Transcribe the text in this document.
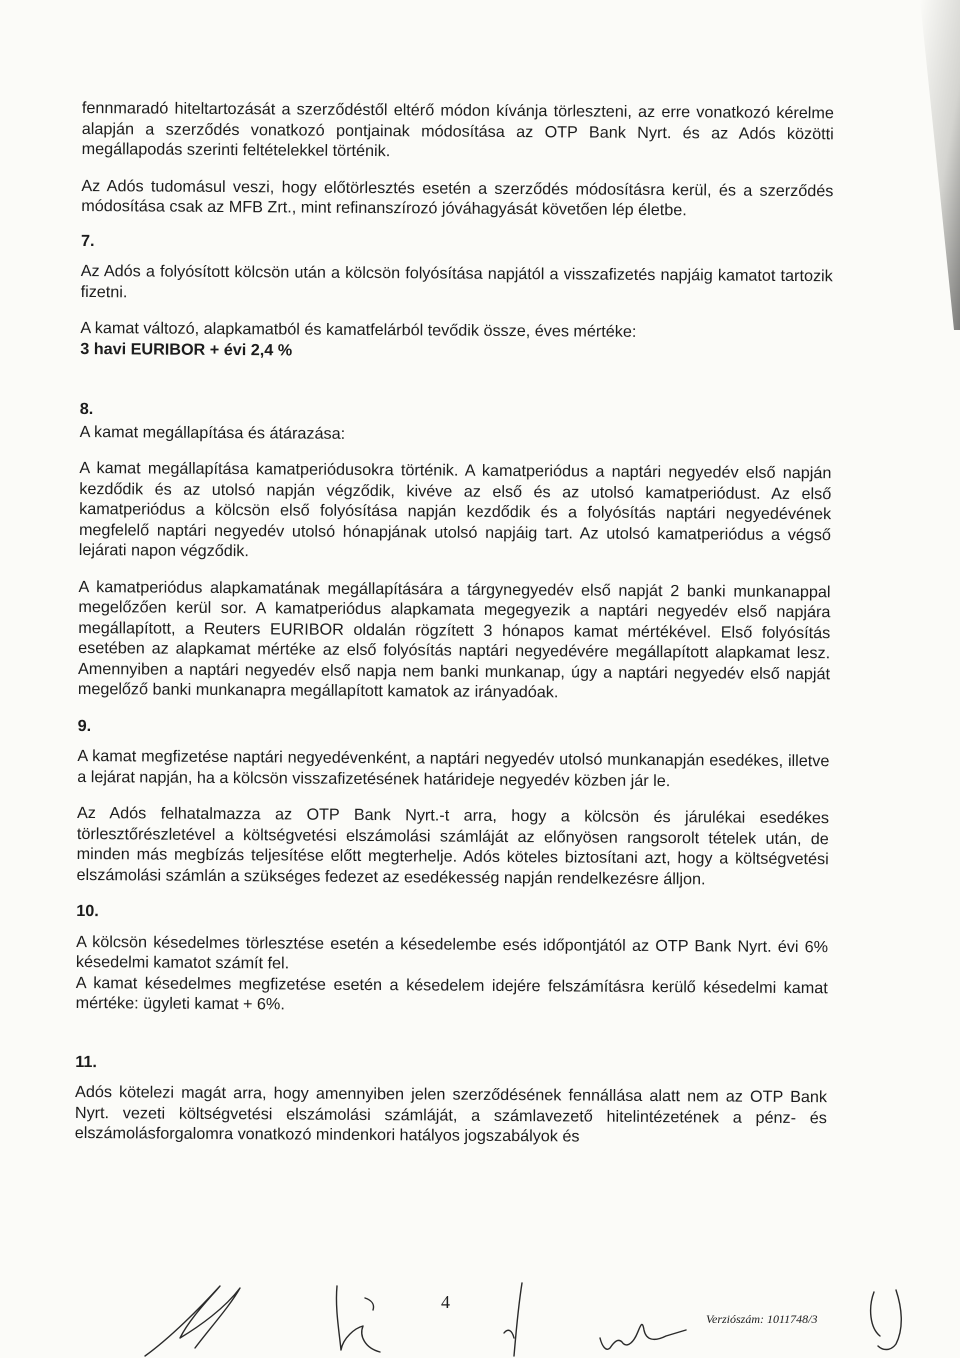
fennmaradó hiteltartozását a szerződéstől eltérő módon kívánja törleszteni, az erre vonatkozó kérelme alapján a szerződés vonatkozó pontjainak módosítása az OTP Bank Nyrt. és az Adós közötti megállapodás szerinti feltételekkel történik.

Az Adós tudomásul veszi, hogy előtörlesztés esetén a szerződés módosításra kerül, és a szerződés módosítása csak az MFB Zrt., mint refinanszírozó jóváhagyását követően lép életbe.

7.

Az Adós a folyósított kölcsön után a kölcsön folyósítása napjától a visszafizetés napjáig kamatot tartozik fizetni.

A kamat változó, alapkamatból és kamatfelárból tevődik össze, éves mértéke:

3 havi EURIBOR + évi 2,4 %
8.

A kamat megállapítása és átárazása:

A kamat megállapítása kamatperiódusokra történik. A kamatperiódus a naptári negyedév első napján kezdődik és az utolsó napján végződik, kivéve az első és az utolsó kamatperiódust. Az első kamatperiódus a kölcsön első folyósítása napján kezdődik és a folyósítás naptári negyedévének megfelelő naptári negyedév utolsó hónapjának utolsó napjáig tart. Az utolsó kamatperiódus a végső lejárati napon végződik.

A kamatperiódus alapkamatának megállapítására a tárgynegyedév első napját 2 banki munkanappal megelőzően kerül sor. A kamatperiódus alapkamata megegyezik a naptári negyedév első napjára megállapított, a Reuters EURIBOR oldalán rögzített 3 hónapos kamat mértékével. Első folyósítás esetében az alapkamat mértéke az első folyósítás naptári negyedévére megállapított alapkamat lesz. Amennyiben a naptári negyedév első napja nem banki munkanap, úgy a naptári negyedév első napját megelőző banki munkanapra megállapított kamatok az irányadóak.

9.

A kamat megfizetése naptári negyedévenként, a naptári negyedév utolsó munkanapján esedékes, illetve a lejárat napján, ha a kölcsön visszafizetésének határideje negyedév közben jár le.

Az Adós felhatalmazza az OTP Bank Nyrt.-t arra, hogy a kölcsön és járulékai esedékes törlesztőrészletével a költségvetési elszámolási számláját az előnyösen rangsorolt tételek után, de minden más megbízás teljesítése előtt megterhelje. Adós köteles biztosítani azt, hogy a költségvetési elszámolási számlán a szükséges fedezet az esedékesség napján rendelkezésre álljon.

10.

A kölcsön késedelmes törlesztése esetén a késedelembe esés időpontjától az OTP Bank Nyrt. évi 6% késedelmi kamatot számít fel.

A kamat késedelmes megfizetése esetén a késedelem idejére felszámításra kerülő késedelmi kamat mértéke: ügyleti kamat + 6%.

11.

Adós kötelezi magát arra, hogy amennyiben jelen szerződésének fennállása alatt nem az OTP Bank Nyrt. vezeti költségvetési elszámolási számláját, a számlavezető hitelintézetének a pénz- és elszámolásforgalomra vonatkozó mindenkori hatályos jogszabályok és

4
Verziószám: 1011748/3
